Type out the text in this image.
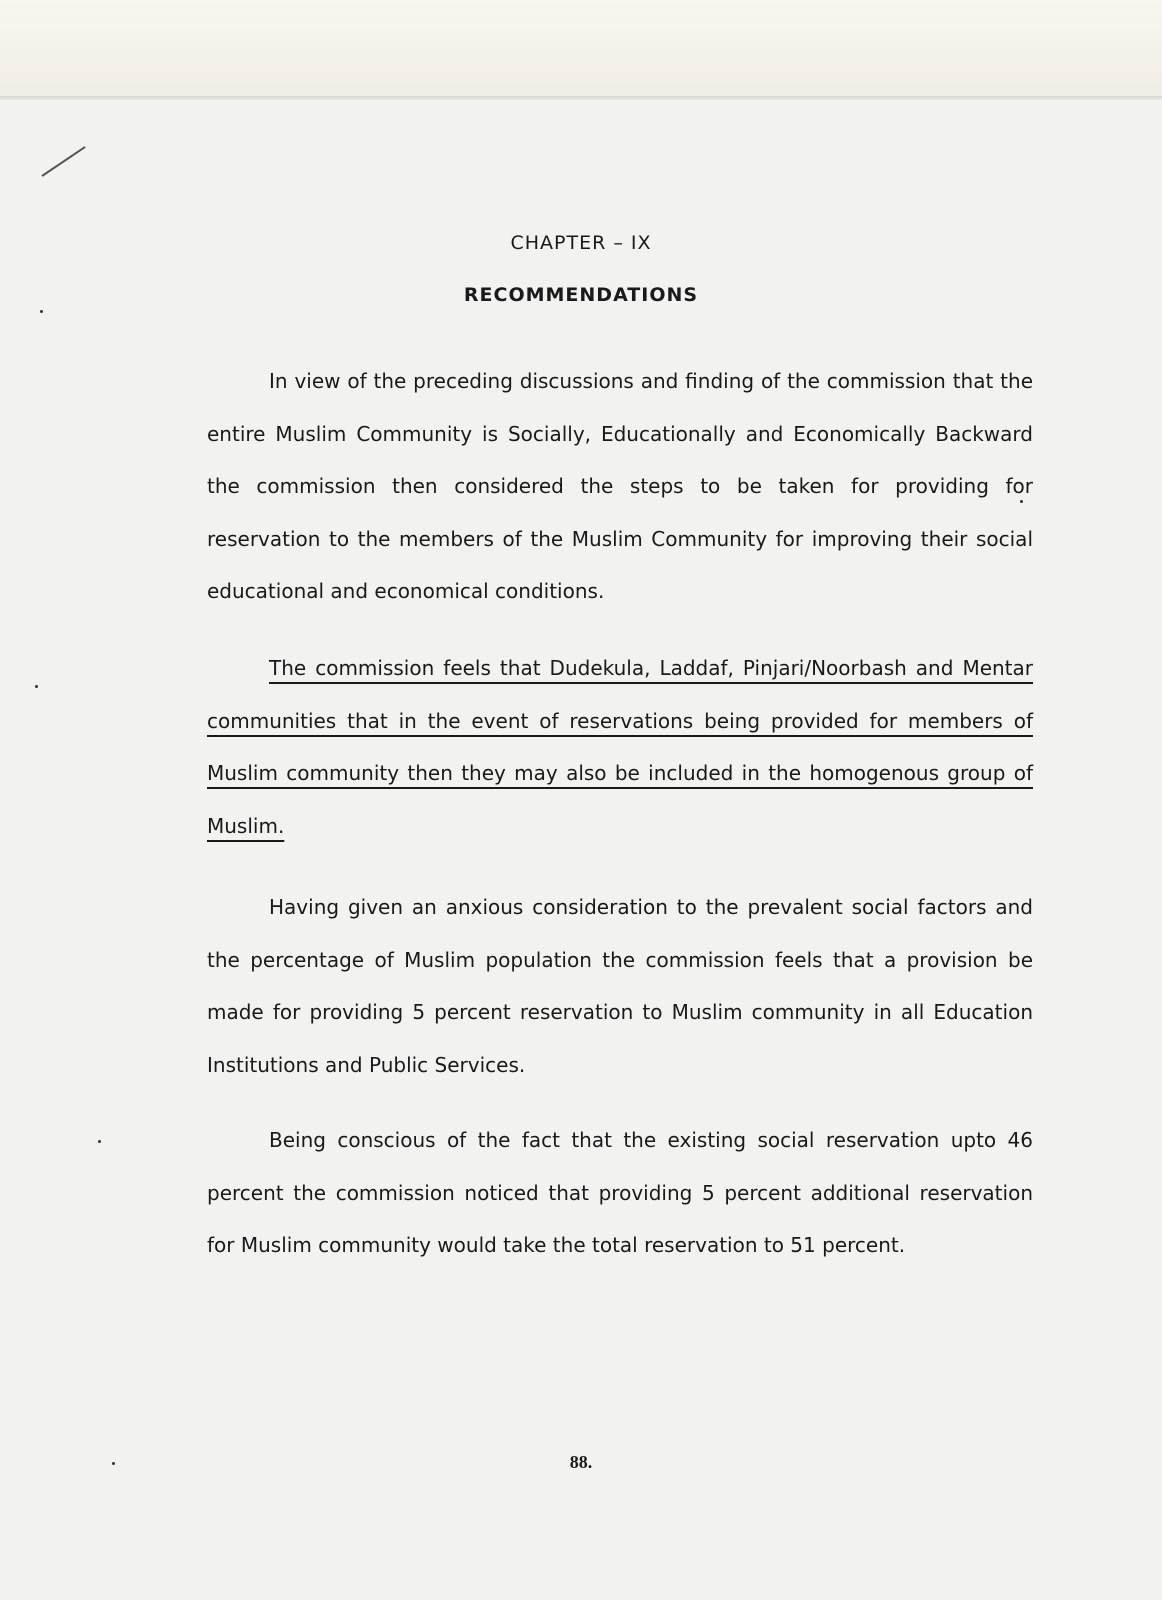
CHAPTER – IX
RECOMMENDATIONS

In view of the preceding discussions and finding of the commission that the entire Muslim Community is Socially, Educationally and Economically Backward the commission then considered the steps to be taken for providing for reservation to the members of the Muslim Community for improving their social educational and economical conditions.

The commission feels that Dudekula, Laddaf, Pinjari/Noorbash and Mentar communities that in the event of reservations being provided for members of Muslim community then they may also be included in the homogenous group of Muslim.

Having given an anxious consideration to the prevalent social factors and the percentage of Muslim population the commission feels that a provision be made for providing 5 percent reservation to Muslim community in all Education Institutions and Public Services.

Being conscious of the fact that the existing social reservation upto 46 percent the commission noticed that providing 5 percent additional reservation for Muslim community would take the total reservation to 51 percent.

88.
